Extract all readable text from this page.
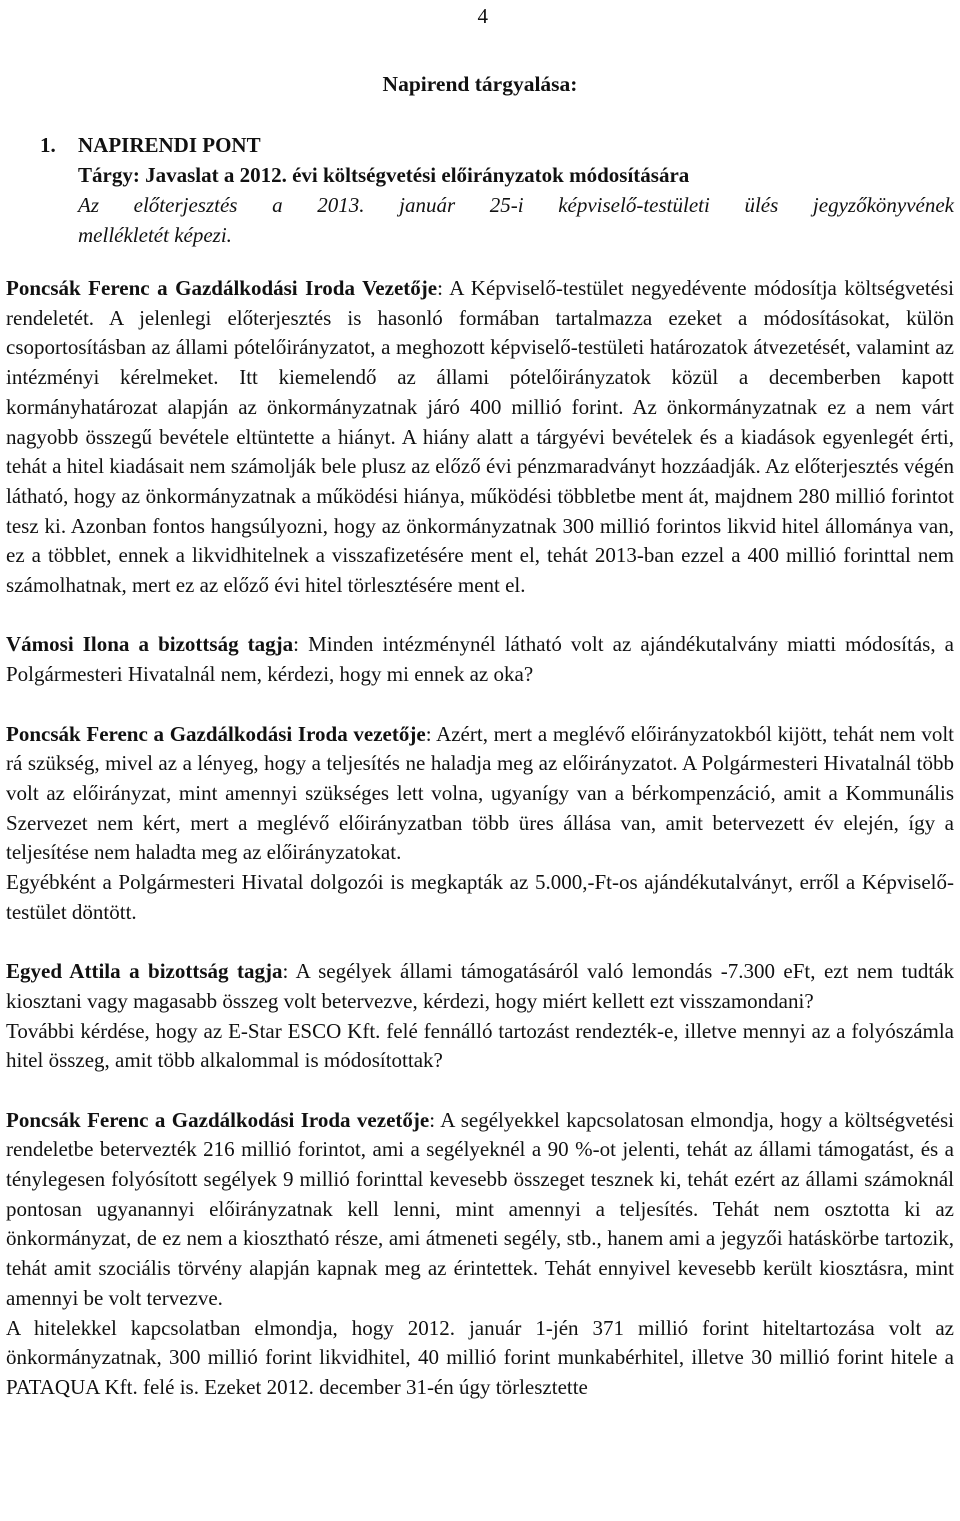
4
Napirend tárgyalása:
1. NAPIRENDI PONT
Tárgy: Javaslat a 2012. évi költségvetési előirányzatok módosítására
Az előterjesztés a 2013. január 25-i képviselő-testületi ülés jegyzőkönyvének
mellékletét képezi.

Poncsák Ferenc a Gazdálkodási Iroda Vezetője: A Képviselő-testület negyedévente módosítja költségvetési rendeletét. A jelenlegi előterjesztés is hasonló formában tartalmazza ezeket a módosításokat, külön csoportosításban az állami pótelőirányzatot, a meghozott képviselő-testületi határozatok átvezetését, valamint az intézményi kérelmeket. Itt kiemelendő az állami pótelőirányzatok közül a decemberben kapott kormányhatározat alapján az önkormányzatnak járó 400 millió forint. Az önkormányzatnak ez a nem várt nagyobb összegű bevétele eltüntette a hiányt. A hiány alatt a tárgyévi bevételek és a kiadások egyenlegét érti, tehát a hitel kiadásait nem számolják bele plusz az előző évi pénzmaradványt hozzáadják. Az előterjesztés végén látható, hogy az önkormányzatnak a működési hiánya, működési többletbe ment át, majdnem 280 millió forintot tesz ki. Azonban fontos hangsúlyozni, hogy az önkormányzatnak 300 millió forintos likvid hitel állománya van, ez a többlet, ennek a likvidhitelnek a visszafizetésére ment el, tehát 2013-ban ezzel a 400 millió forinttal nem számolhatnak, mert ez az előző évi hitel törlesztésére ment el.

Vámosi Ilona a bizottság tagja: Minden intézménynél látható volt az ajándékutalvány miatti módosítás, a Polgármesteri Hivatalnál nem, kérdezi, hogy mi ennek az oka?

Poncsák Ferenc a Gazdálkodási Iroda vezetője: Azért, mert a meglévő előirányzatokból kijött, tehát nem volt rá szükség, mivel az a lényeg, hogy a teljesítés ne haladja meg az előirányzatot. A Polgármesteri Hivatalnál több volt az előirányzat, mint amennyi szükséges lett volna, ugyanígy van a bérkompenzáció, amit a Kommunális Szervezet nem kért, mert a meglévő előirányzatban több üres állása van, amit betervezett év elején, így a teljesítése nem haladta meg az előirányzatokat.

Egyébként a Polgármesteri Hivatal dolgozói is megkapták az 5.000,-Ft-os ajándékutalványt, erről a Képviselő-testület döntött.

Egyed Attila a bizottság tagja: A segélyek állami támogatásáról való lemondás -7.300 eFt, ezt nem tudták kiosztani vagy magasabb összeg volt betervezve, kérdezi, hogy miért kellett ezt visszamondani?

További kérdése, hogy az E-Star ESCO Kft. felé fennálló tartozást rendezték-e, illetve mennyi az a folyószámla hitel összeg, amit több alkalommal is módosítottak?

Poncsák Ferenc a Gazdálkodási Iroda vezetője: A segélyekkel kapcsolatosan elmondja, hogy a költségvetési rendeletbe betervezték 216 millió forintot, ami a segélyeknél a 90 %-ot jelenti, tehát az állami támogatást, és a ténylegesen folyósított segélyek 9 millió forinttal kevesebb összeget tesznek ki, tehát ezért az állami számoknál pontosan ugyanannyi előirányzatnak kell lenni, mint amennyi a teljesítés. Tehát nem osztotta ki az önkormányzat, de ez nem a kiosztható része, ami átmeneti segély, stb., hanem ami a jegyzői hatáskörbe tartozik, tehát amit szociális törvény alapján kapnak meg az érintettek. Tehát ennyivel kevesebb került kiosztásra, mint amennyi be volt tervezve.

A hitelekkel kapcsolatban elmondja, hogy 2012. január 1-jén 371 millió forint hiteltartozása volt az önkormányzatnak, 300 millió forint likvidhitel, 40 millió forint munkabérhitel, illetve 30 millió forint hitele a PATAQUA Kft. felé is. Ezeket 2012. december 31-én úgy törlesztette
